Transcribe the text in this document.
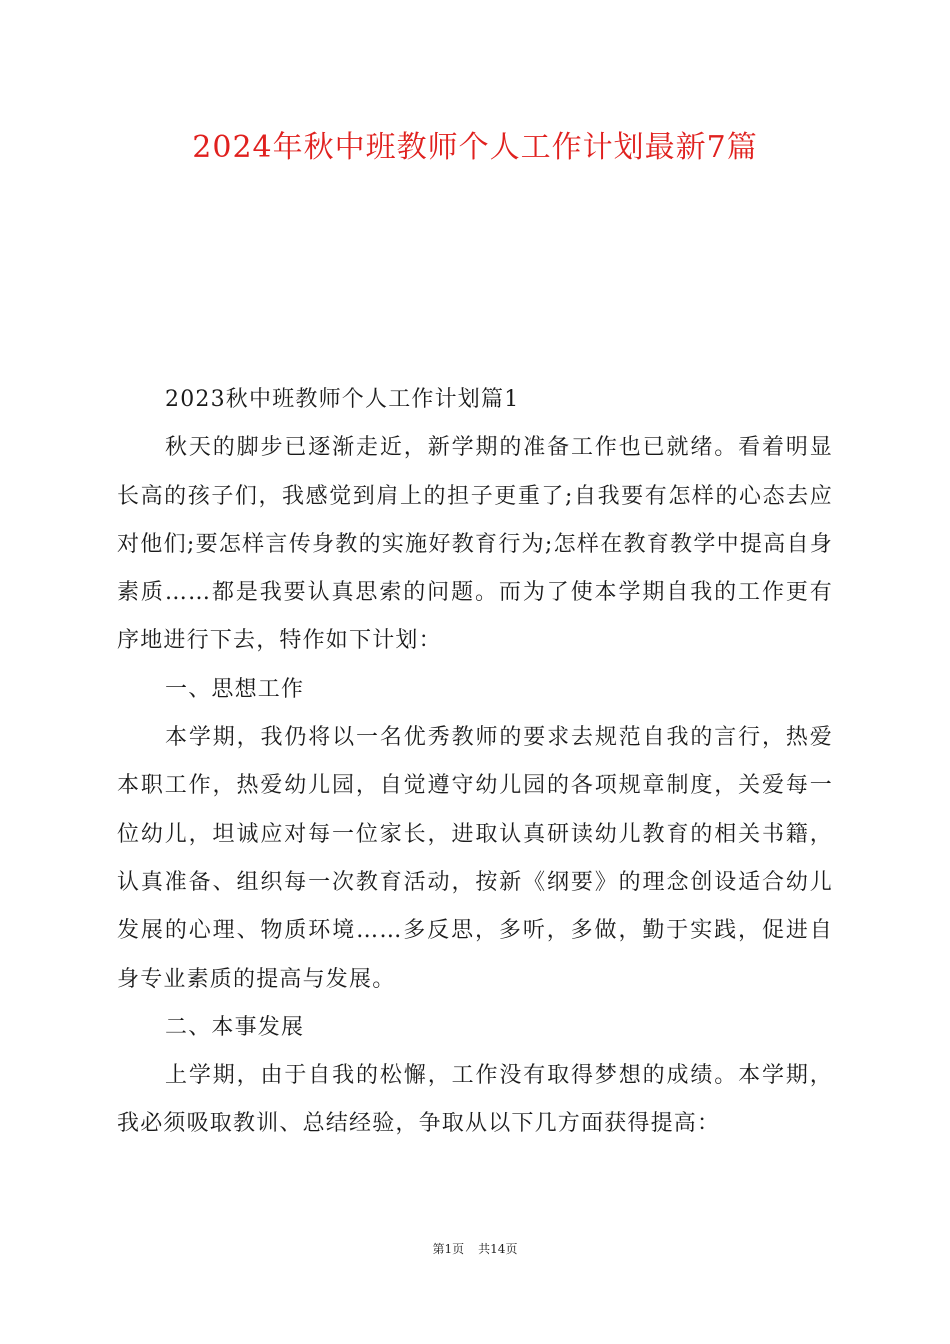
2024年秋中班教师个人工作计划最新7篇

2023秋中班教师个人工作计划篇1

秋天的脚步已逐渐走近，新学期的准备工作也已就绪。看着明显长高的孩子们，我感觉到肩上的担子更重了;自我要有怎样的心态去应对他们;要怎样言传身教的实施好教育行为;怎样在教育教学中提高自身素质……都是我要认真思索的问题。而为了使本学期自我的工作更有序地进行下去，特作如下计划：

一、思想工作

本学期，我仍将以一名优秀教师的要求去规范自我的言行，热爱本职工作，热爱幼儿园，自觉遵守幼儿园的各项规章制度，关爱每一位幼儿，坦诚应对每一位家长，进取认真研读幼儿教育的相关书籍，认真准备、组织每一次教育活动，按新《纲要》的理念创设适合幼儿发展的心理、物质环境……多反思，多听，多做，勤于实践，促进自身专业素质的提高与发展。

二、本事发展

上学期，由于自我的松懈，工作没有取得梦想的成绩。本学期，我必须吸取教训、总结经验，争取从以下几方面获得提高：

第1页 共14页
